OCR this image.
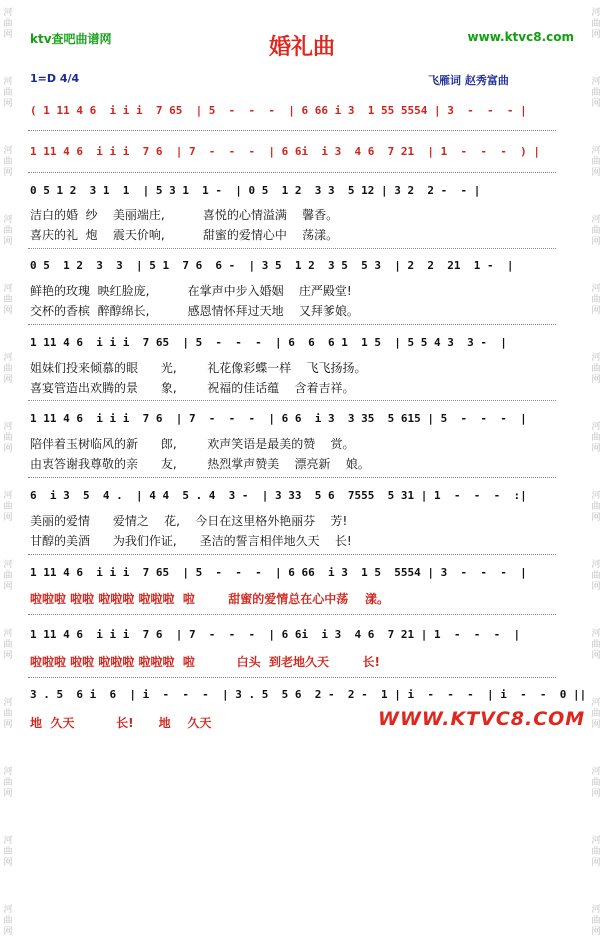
河曲网
河曲网
河曲网
河曲网
河曲网
河曲网
河曲网
河曲网
河曲网
河曲网
河曲网
河曲网
河曲网
河曲网
河曲网
河曲网
河曲网
河曲网
河曲网
河曲网
河曲网
河曲网
河曲网
河曲网
河曲网
河曲网
河曲网
河曲网
ktv查吧曲谱网	婚礼曲	www.ktvc8.com
1=D 4/4	飞雁词 赵秀富曲
( 1 11 4 6  i i i  7 65  | 5  -  -  -  | 6 66 i 3  1 55 5554 | 3  -  -  - |
1 11 4 6  i i i  7 6  | 7  -  -  -  | 6 6i  i 3  4 6  7 21  | 1  -  -  -  ) |
0 5 1 2  3 1  1  | 5 3 1  1 -  | 0 5  1 2  3 3  5 12 | 3 2  2 -  - |
洁白的婚  纱    美丽端庄,          喜悦的心情溢满    馨香。
喜庆的礼  炮    震天价响,          甜蜜的爱情心中    荡漾。
0 5  1 2  3  3  | 5 1  7 6  6 -  | 3 5  1 2  3 5  5 3  | 2  2  21  1 -  |
鲜艳的玫瑰  映红脸庞,          在掌声中步入婚姻    庄严殿堂!
交杯的香槟  醉醇绵长,          感恩情怀拜过天地    又拜爹娘。
1 11 4 6  i i i  7 65  | 5  -  -  -  | 6  6  6 1  1 5  | 5 5 4 3  3 -  |
姐妹们投来倾慕的眼      光,        礼花像彩蝶一样    飞飞扬扬。
喜宴管造出欢腾的景      象,        祝福的佳话蕴    含着吉祥。
1 11 4 6  i i i  7 6  | 7  -  -  -  | 6 6  i 3  3 35  5 615 | 5  -  -  -  |
陪伴着玉树临风的新      郎,        欢声笑语是最美的赞    赏。
由衷答谢我尊敬的亲      友,        热烈掌声赞美    漂亮新    娘。
6  i 3  5  4 .  | 4 4  5 . 4  3 -  | 3 33  5 6  7555  5 31 | 1  -  -  -  :|
美丽的爱情      爱情之    花,    今日在这里格外艳丽芬    芳!
甘醇的美酒      为我们作证,      圣洁的誓言相伴地久天    长!
1 11 4 6  i i i  7 65  | 5  -  -  -  | 6 66  i 3  1 5  5554 | 3  -  -  -  |
啦啦啦 啦啦 啦啦啦 啦啦啦  啦        甜蜜的爱情总在心中荡    漾。
1 11 4 6  i i i  7 6  | 7  -  -  -  | 6 6i  i 3  4 6  7 21 | 1  -  -  -  |
啦啦啦 啦啦 啦啦啦 啦啦啦  啦          白头  到老地久天        长!
3 . 5  6 i  6  | i  -  -  -  | 3 . 5  5 6  2 -  2 -  1 | i  -  -  -  | i  -  -  0 ||
地  久天          长!      地    久天	WWW.KTVC8.COM
